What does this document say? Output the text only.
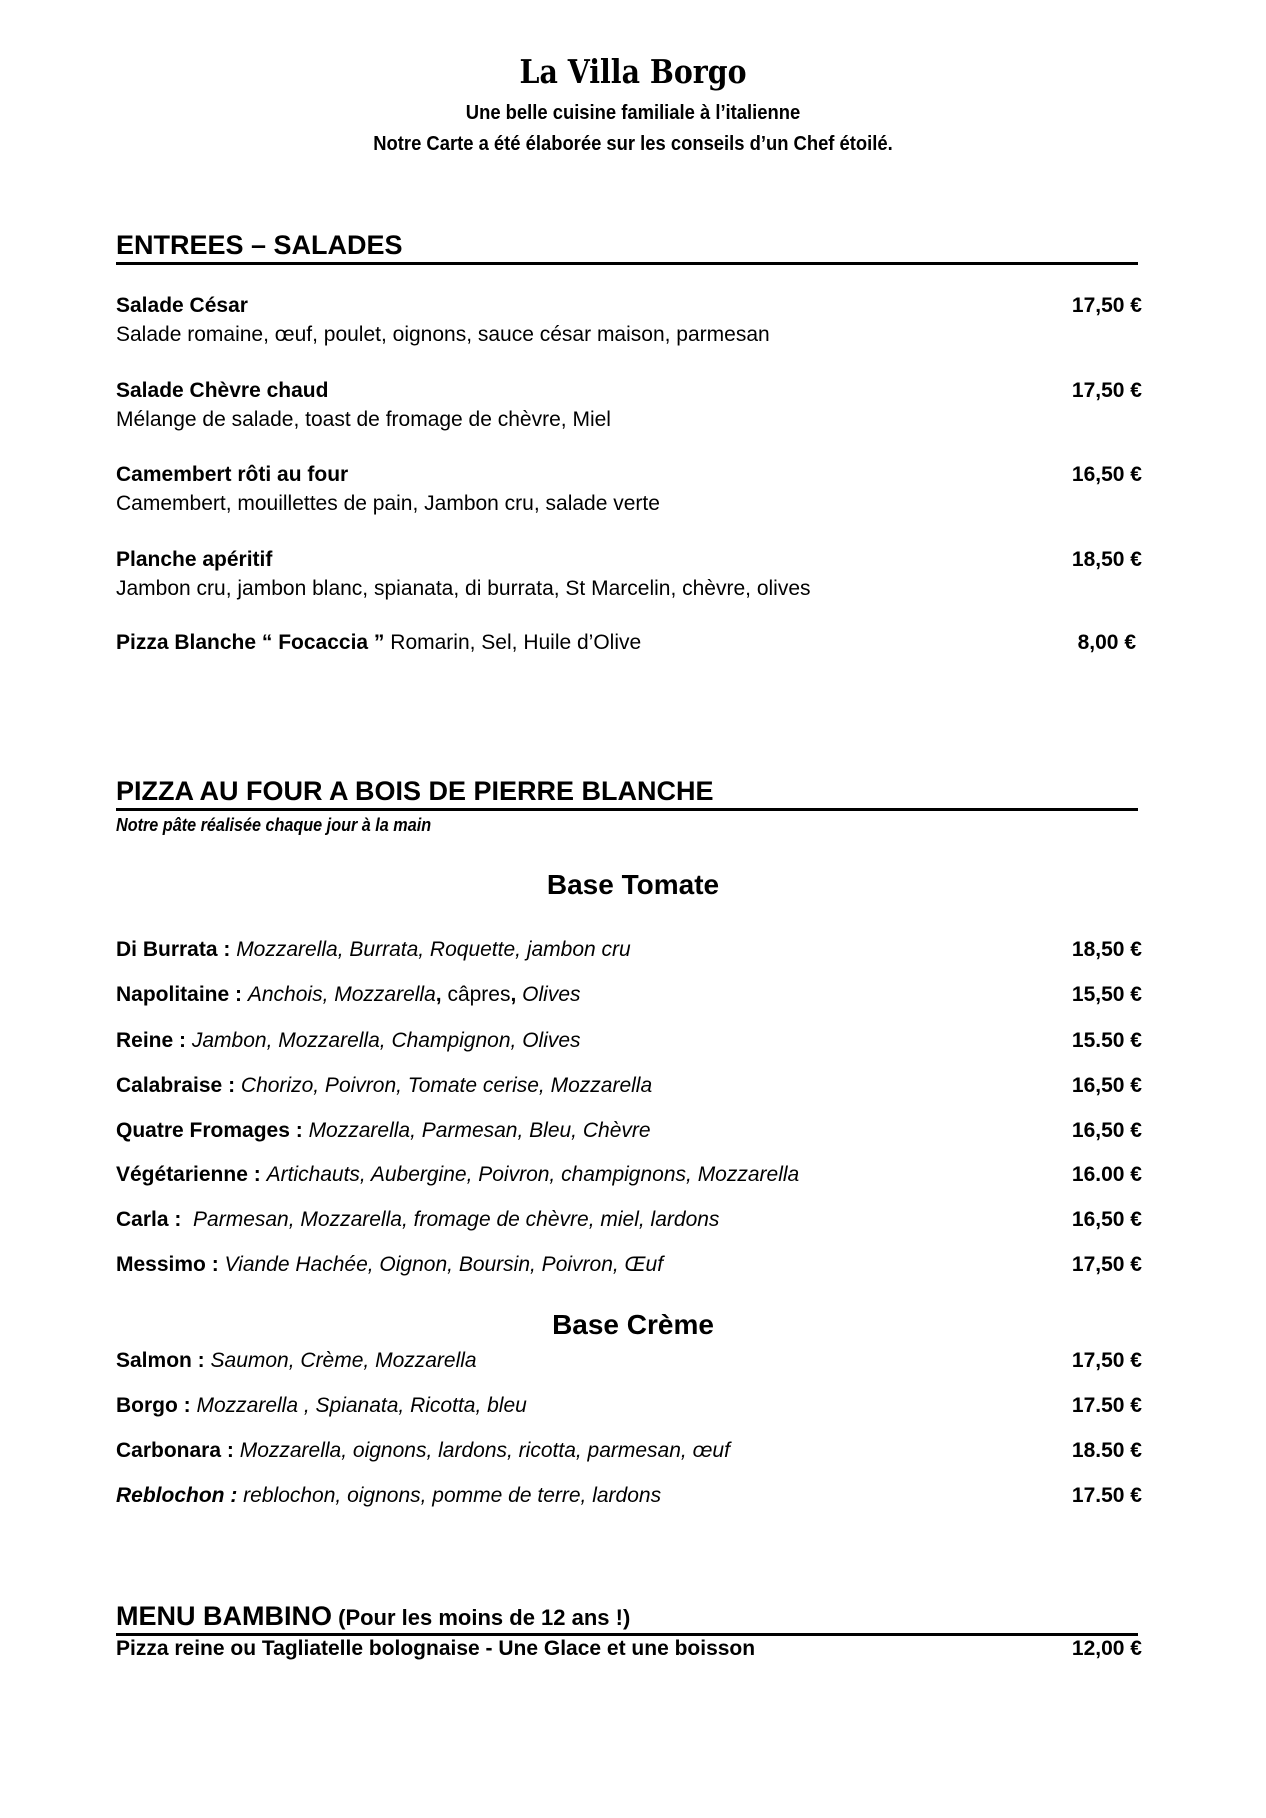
La Villa Borgo
Une belle cuisine familiale à l’italienne
Notre Carte a été élaborée sur les conseils d’un Chef étoilé.
ENTREES – SALADES
Salade César	17,50 €
Salade romaine, œuf, poulet, oignons, sauce césar maison, parmesan
Salade Chèvre chaud	17,50 €
Mélange de salade, toast de fromage de chèvre, Miel
Camembert rôti au four	16,50 €
Camembert, mouillettes de pain, Jambon cru, salade verte
Planche apéritif	18,50 €
Jambon cru, jambon blanc, spianata, di burrata, St Marcelin, chèvre, olives
Pizza Blanche “ Focaccia ” Romarin, Sel, Huile d’Olive	8,00 €
PIZZA AU FOUR A BOIS DE PIERRE BLANCHE
Notre pâte réalisée chaque jour à la main
Base Tomate
Di Burrata : Mozzarella, Burrata, Roquette, jambon cru	18,50 €
Napolitaine : Anchois, Mozzarella, câpres, Olives	15,50 €
Reine : Jambon, Mozzarella, Champignon, Olives	15.50 €
Calabraise : Chorizo, Poivron, Tomate cerise, Mozzarella	16,50 €
Quatre Fromages : Mozzarella, Parmesan, Bleu, Chèvre	16,50 €
Végétarienne : Artichauts, Aubergine, Poivron, champignons, Mozzarella	16.00 €
Carla :  Parmesan, Mozzarella, fromage de chèvre, miel, lardons	16,50 €
Messimo : Viande Hachée, Oignon, Boursin, Poivron, Œuf	17,50 €
Base Crème
Salmon : Saumon, Crème, Mozzarella	17,50 €
Borgo : Mozzarella , Spianata, Ricotta, bleu	17.50 €
Carbonara : Mozzarella, oignons, lardons, ricotta, parmesan, œuf	18.50 €
Reblochon : reblochon, oignons, pomme de terre, lardons	17.50 €
MENU BAMBINO (Pour les moins de 12 ans !)
Pizza reine ou Tagliatelle bolognaise - Une Glace et une boisson	12,00 €
